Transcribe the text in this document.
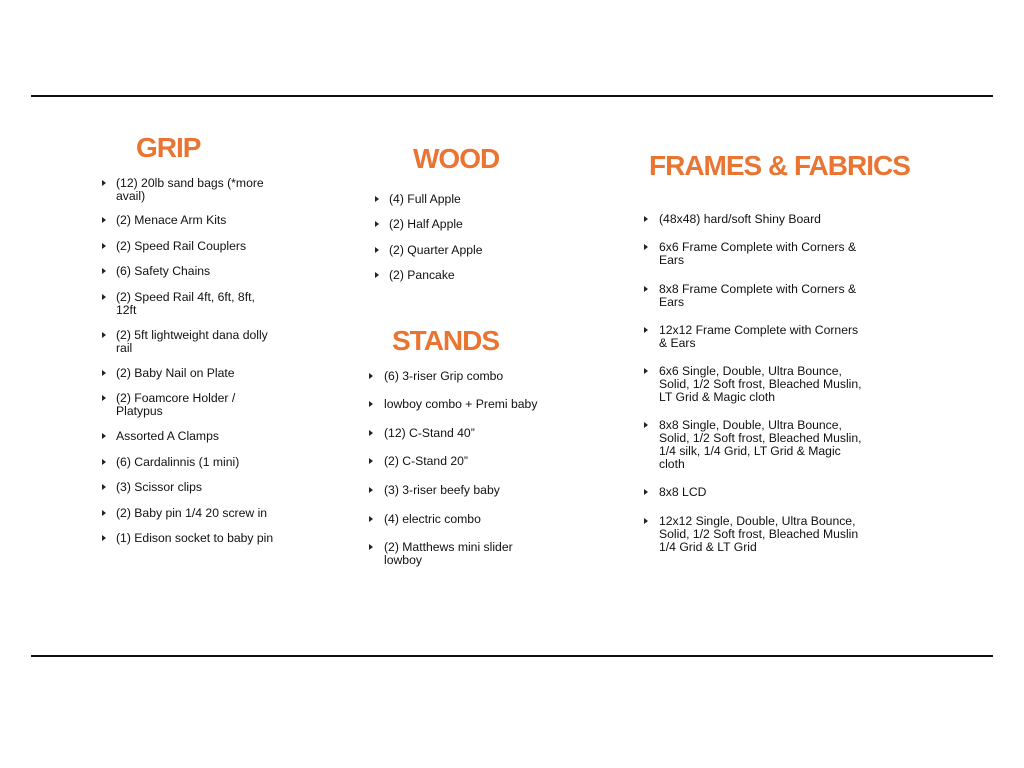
GRIP
(12) 20lb sand bags (*more
avail)
(2) Menace Arm Kits
(2) Speed Rail Couplers
(6) Safety Chains
(2) Speed Rail 4ft, 6ft, 8ft,
12ft
(2) 5ft lightweight dana dolly
rail
(2) Baby Nail on Plate
(2) Foamcore Holder /
Platypus
Assorted A Clamps
(6) Cardalinnis (1 mini)
(3) Scissor clips
(2) Baby pin 1/4 20 screw in
(1) Edison socket to baby pin
WOOD
(4) Full Apple
(2) Half Apple
(2) Quarter Apple
(2) Pancake
STANDS
(6) 3-riser Grip combo
lowboy combo + Premi baby
(12) C-Stand 40”
(2) C-Stand 20”
(3) 3-riser beefy baby
(4) electric combo
(2) Matthews mini slider
lowboy
FRAMES & FABRICS
(48x48) hard/soft Shiny Board
6x6 Frame Complete with Corners &
Ears
8x8 Frame Complete with Corners &
Ears
12x12 Frame Complete with Corners
& Ears
6x6 Single, Double, Ultra Bounce,
Solid, 1/2 Soft frost, Bleached Muslin,
LT Grid & Magic cloth
8x8 Single, Double, Ultra Bounce,
Solid, 1/2 Soft frost, Bleached Muslin,
1/4 silk, 1/4 Grid, LT Grid & Magic
cloth
8x8 LCD
12x12 Single, Double, Ultra Bounce,
Solid, 1/2 Soft frost, Bleached Muslin
1/4 Grid & LT Grid
